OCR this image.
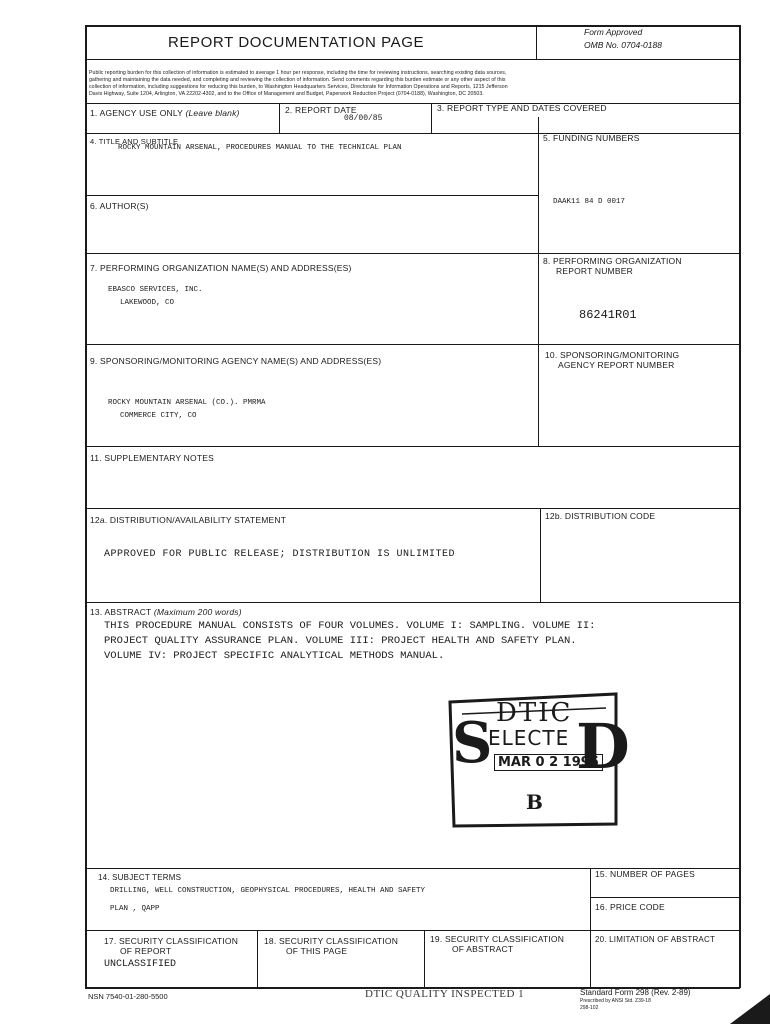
REPORT DOCUMENTATION PAGE
Form Approved
OMB No. 0704-0188
Public reporting burden for this collection of information is estimated to average 1 hour per response, including the time for reviewing instructions, searching existing data sources,
gathering and maintaining the data needed, and completing and reviewing the collection of information. Send comments regarding this burden estimate or any other aspect of this
collection of information, including suggestions for reducing this burden, to Washington Headquarters Services, Directorate for Information Operations and Reports, 1215 Jefferson
Davis Highway, Suite 1204, Arlington, VA 22202-4302, and to the Office of Management and Budget, Paperwork Reduction Project (0704-0188), Washington, DC 20503.
1. AGENCY USE ONLY (Leave blank)	2. REPORT DATE
08/00/85
3. REPORT TYPE AND DATES COVERED
4. TITLE AND SUBTITLE
ROCKY MOUNTAIN ARSENAL, PROCEDURES MANUAL TO THE TECHNICAL PLAN
5. FUNDING NUMBERS
DAAK11 84 D 0017
6. AUTHOR(S)
7. PERFORMING ORGANIZATION NAME(S) AND ADDRESS(ES)
EBASCO SERVICES, INC.
LAKEWOOD, CO
8. PERFORMING ORGANIZATION
REPORT NUMBER
86241R01
9. SPONSORING/MONITORING AGENCY NAME(S) AND ADDRESS(ES)
ROCKY MOUNTAIN ARSENAL (CO.). PMRMA
COMMERCE CITY, CO
10. SPONSORING/MONITORING
AGENCY REPORT NUMBER
11. SUPPLEMENTARY NOTES
12a. DISTRIBUTION/AVAILABILITY STATEMENT
APPROVED FOR PUBLIC RELEASE; DISTRIBUTION IS UNLIMITED
12b. DISTRIBUTION CODE
13. ABSTRACT (Maximum 200 words)
THIS PROCEDURE MANUAL CONSISTS OF FOUR VOLUMES. VOLUME I: SAMPLING. VOLUME II:
PROJECT QUALITY ASSURANCE PLAN. VOLUME III: PROJECT HEALTH AND SAFETY PLAN.
VOLUME IV: PROJECT SPECIFIC ANALYTICAL METHODS MANUAL.
DTIC
S
ELECTE D
MAR 0 2 1995
B
14. SUBJECT TERMS
DRILLING, WELL CONSTRUCTION, GEOPHYSICAL PROCEDURES, HEALTH AND SAFETY
PLAN , QAPP
15. NUMBER OF PAGES
16. PRICE CODE
17. SECURITY CLASSIFICATION
OF REPORT
UNCLASSIFIED
18. SECURITY CLASSIFICATION
OF THIS PAGE
19. SECURITY CLASSIFICATION
OF ABSTRACT
20. LIMITATION OF ABSTRACT
NSN 7540-01-280-5500	DTIC QUALITY INSPECTED 1	Standard Form 298 (Rev. 2-89)
Prescribed by ANSI Std. Z39-18
298-102
